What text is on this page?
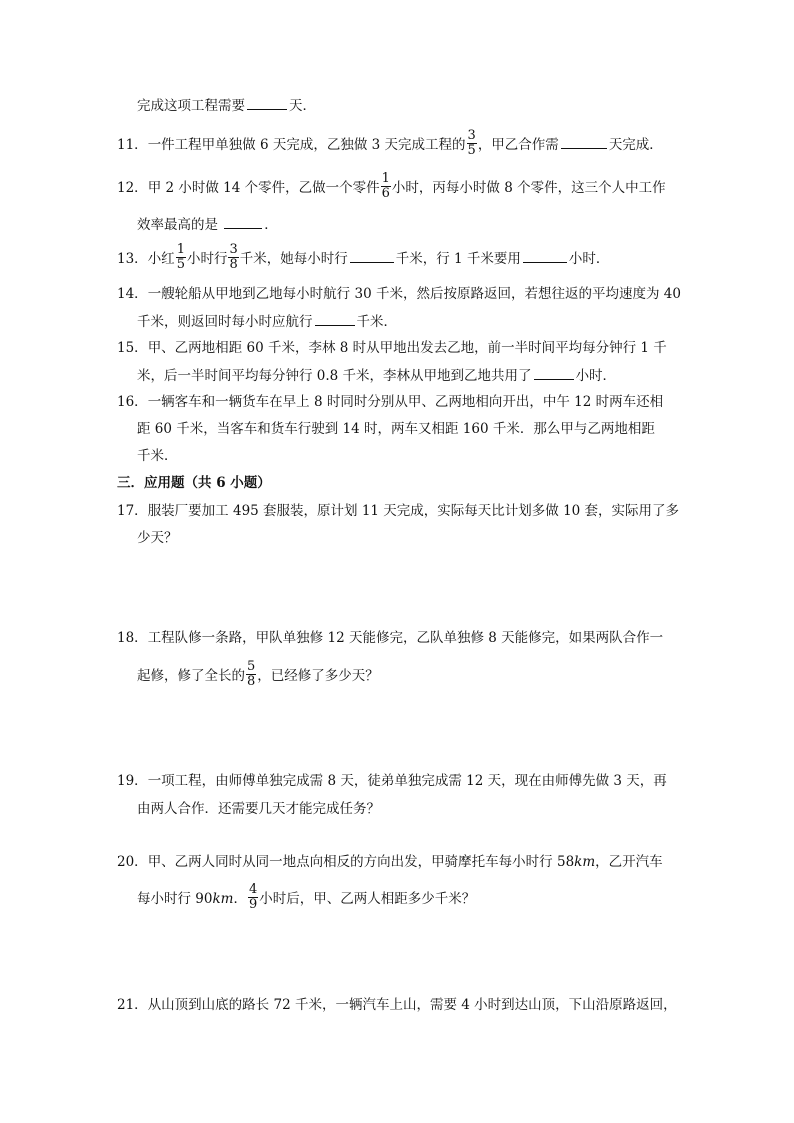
完成这项工程需要	天．
11．一件工程甲单独做 6 天完成，乙独做 3 天完成工程的 $\frac{3}{5}$ ，甲乙合作需	天完成．
12．甲 2 小时做 14 个零件，乙做一个零件 $\frac{1}{6}$ 小时，丙每小时做 8 个零件，这三个人中工作
效率最高的是	．
13．小红 $\frac{1}{5}$ 小时行 $\frac{3}{8}$ 千米，她每小时行	千米，行 1 千米要用	小时．
14．一艘轮船从甲地到乙地每小时航行 30 千米，然后按原路返回，若想往返的平均速度为 40
千米，则返回时每小时应航行	千米．
15．甲、乙两地相距 60 千米，李林 8 时从甲地出发去乙地，前一半时间平均每分钟行 1 千
米，后一半时间平均每分钟行 0.8 千米，李林从甲地到乙地共用了	小时．
16．一辆客车和一辆货车在早上 8 时同时分别从甲、乙两地相向开出，中午 12 时两车还相
距 60 千米，当客车和货车行驶到 14 时，两车又相距 160 千米．那么甲与乙两地相距
千米．
三．应用题（共 6 小题）
17．服装厂要加工 495 套服装，原计划 11 天完成，实际每天比计划多做 10 套，实际用了多
少天？
18．工程队修一条路，甲队单独修 12 天能修完，乙队单独修 8 天能修完，如果两队合作一
起修，修了全长的 $\frac{5}{8}$ ，已经修了多少天？
19．一项工程，由师傅单独完成需 8 天，徒弟单独完成需 12 天，现在由师傅先做 3 天，再
由两人合作．还需要几天才能完成任务？
20．甲、乙两人同时从同一地点向相反的方向出发，甲骑摩托车每小时行 58km，乙开汽车
每小时行 90km． $\frac{4}{9}$ 小时后，甲、乙两人相距多少千米？
21．从山顶到山底的路长 72 千米，一辆汽车上山，需要 4 小时到达山顶，下山沿原路返回，
